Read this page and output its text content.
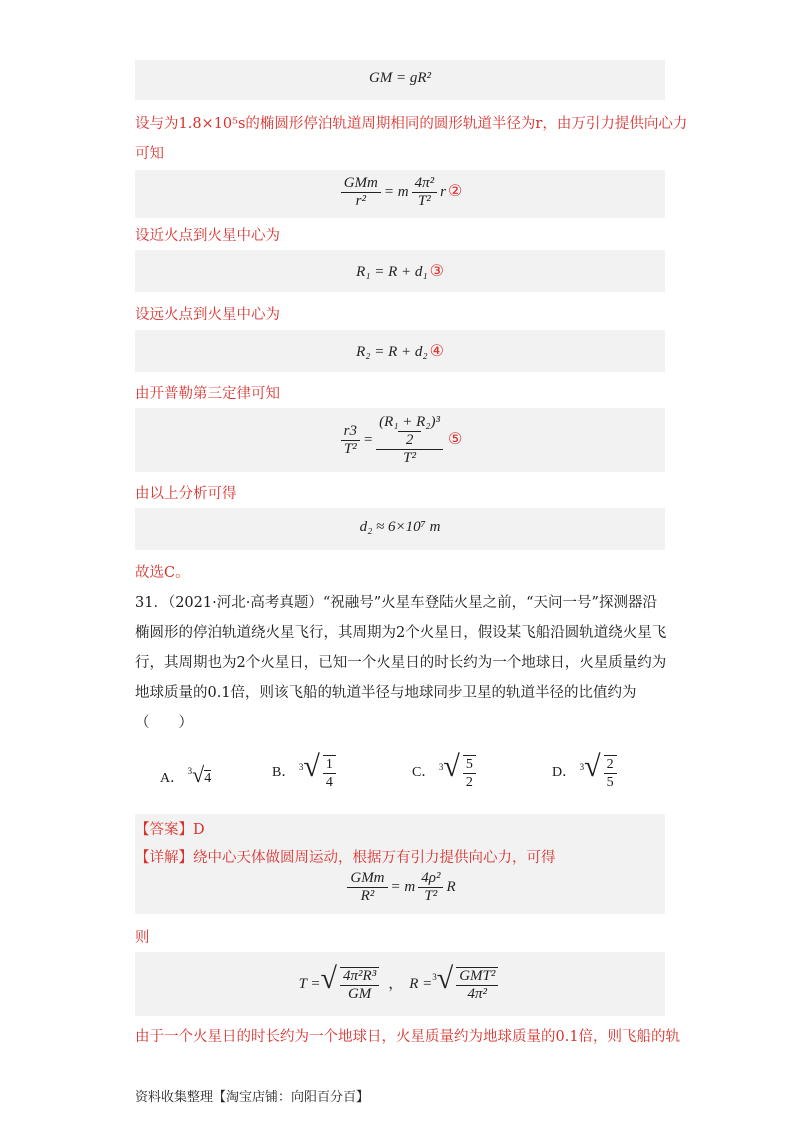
GM = gR²
设与为1.8×10⁵s的椭圆形停泊轨道周期相同的圆形轨道半径为r，由万引力提供向心力
可知
$\frac{\text{GMm}}{\text{r²}} = m \frac{\text{4π²}}{\text{T²}}$ r ②
设近火点到火星中心为
R₁ = R + d₁ ③
设远火点到火星中心为
R₂ = R + d₂ ④
由开普勒第三定律可知
$\frac{r3}{\text{T²}} = (R_1 + R_2)^3$
2
T² ⑤
由以上分析可得
d₂ ≈ 6×10⁷ m
故选C。
31．（2021·河北·高考真题）“祝融号”火星车登陆火星之前，“天问一号”探测器沿
椭圆形的停泊轨道绕火星飞行，其周期为2个火星日，假设某飞船沿圆轨道绕火星飞
行，其周期也为2个火星日，已知一个火星日的时长约为一个地球日，火星质量约为
地球质量的0.1倍，则该飞船的轨道半径与地球同步卫星的轨道半径的比值约为
（　　）
A． $^3$√4	B． $^3√ \frac{1}{4}$	C． $^3√ \frac{5}{2}$	D． $^3√ \frac{2}{5}$
【答案】D
【详解】绕中心天体做圆周运动，根据万有引力提供向心力，可得
$\frac{\text{GMm}}{\text{R²}} = m \frac{\text{4ρ²}}{\text{T²}}$ R
则
T =√ $\frac{\text{4π²R³}}{GM}$ ， $R =^3√ \frac{\text{GMT²}}{\text{4π²}}$
由于一个火星日的时长约为一个地球日，火星质量约为地球质量的0.1倍，则飞船的轨
资料收集整理【淘宝店铺：向阳百分百】
